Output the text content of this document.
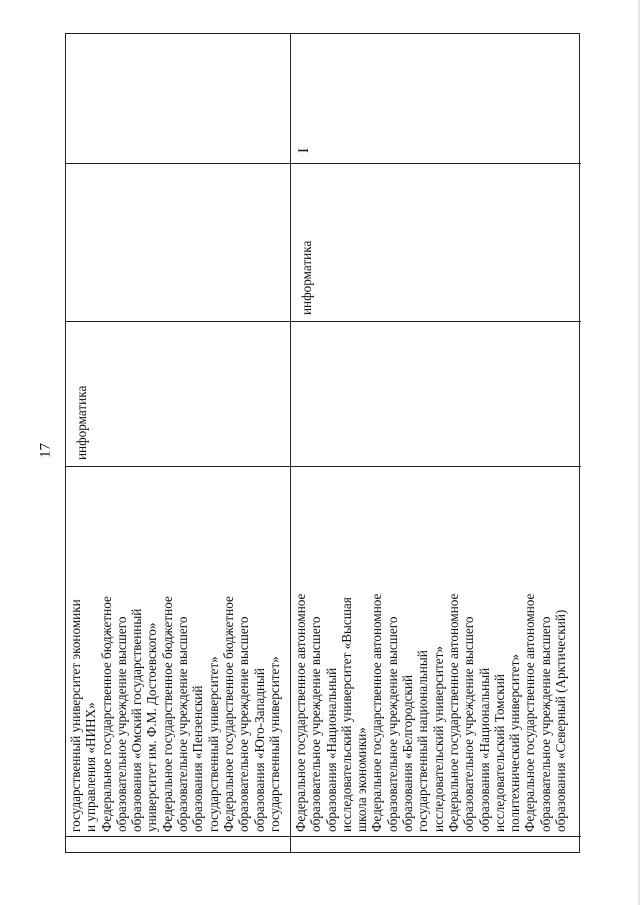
17
государственный университет экономики и управления «НИНХ» Федеральное государственное бюджетное образовательное учреждение высшего образования «Омский государственный университет им. Ф.М. Достоевского» Федеральное государственное бюджетное образовательное учреждение высшего образования «Пензенский государственный университет» Федеральное государственное бюджетное образовательное учреждение высшего образования «Юго-Западный государственный университет»
информатика
Федеральное государственное автономное образовательное учреждение высшего образования «Национальный исследовательский университет «Высшая школа экономики» Федеральное государственное автономное образовательное учреждение высшего образования «Белгородский государственный национальный исследовательский университет» Федеральное государственное автономное образовательное учреждение высшего образования «Национальный исследовательский Томский политехнический университет» Федеральное государственное автономное образовательное учреждение высшего образования «Северный (Арктический)
информатика
I
